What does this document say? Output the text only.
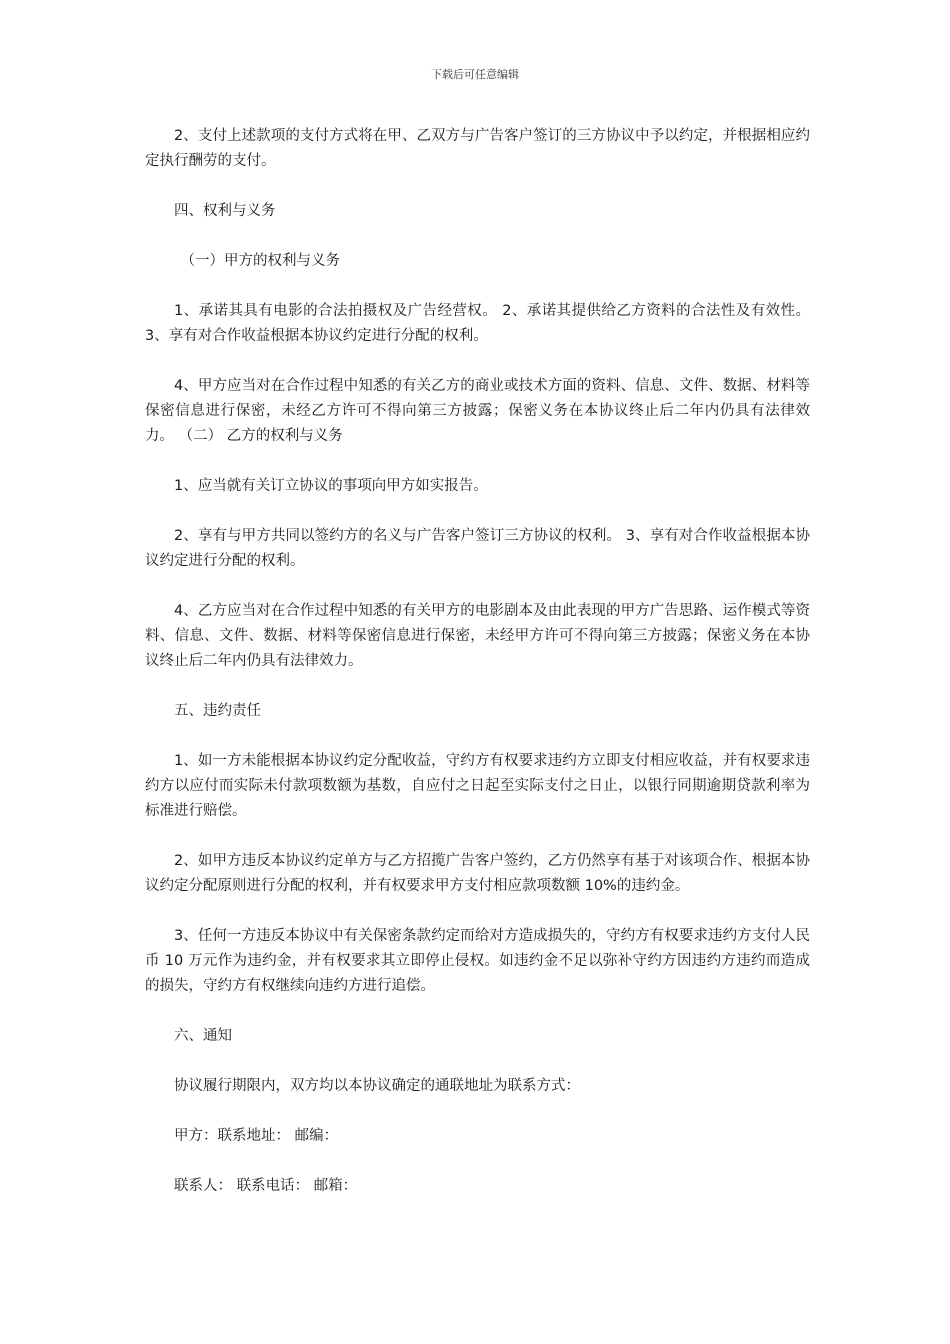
下载后可任意编辑

2、支付上述款项的支付方式将在甲、乙双方与广告客户签订的三方协议中予以约定，并根据相应约定执行酬劳的支付。

四、权利与义务

（一）甲方的权利与义务

1、承诺其具有电影的合法拍摄权及广告经营权。 2、承诺其提供给乙方资料的合法性及有效性。 3、享有对合作收益根据本协议约定进行分配的权利。

4、甲方应当对在合作过程中知悉的有关乙方的商业或技术方面的资料、信息、文件、数据、材料等保密信息进行保密，未经乙方许可不得向第三方披露；保密义务在本协议终止后二年内仍具有法律效力。 （二） 乙方的权利与义务

1、应当就有关订立协议的事项向甲方如实报告。

2、享有与甲方共同以签约方的名义与广告客户签订三方协议的权利。 3、享有对合作收益根据本协议约定进行分配的权利。

4、乙方应当对在合作过程中知悉的有关甲方的电影剧本及由此表现的甲方广告思路、运作模式等资料、信息、文件、数据、材料等保密信息进行保密，未经甲方许可不得向第三方披露；保密义务在本协议终止后二年内仍具有法律效力。

五、违约责任

1、如一方未能根据本协议约定分配收益，守约方有权要求违约方立即支付相应收益，并有权要求违约方以应付而实际未付款项数额为基数，自应付之日起至实际支付之日止，以银行同期逾期贷款利率为标准进行赔偿。

2、如甲方违反本协议约定单方与乙方招揽广告客户签约，乙方仍然享有基于对该项合作、根据本协议约定分配原则进行分配的权利，并有权要求甲方支付相应款项数额 10%的违约金。

3、任何一方违反本协议中有关保密条款约定而给对方造成损失的，守约方有权要求违约方支付人民币 10 万元作为违约金，并有权要求其立即停止侵权。如违约金不足以弥补守约方因违约方违约而造成的损失，守约方有权继续向违约方进行追偿。

六、通知

协议履行期限内，双方均以本协议确定的通联地址为联系方式：

甲方：联系地址： 邮编：

联系人： 联系电话： 邮箱：
